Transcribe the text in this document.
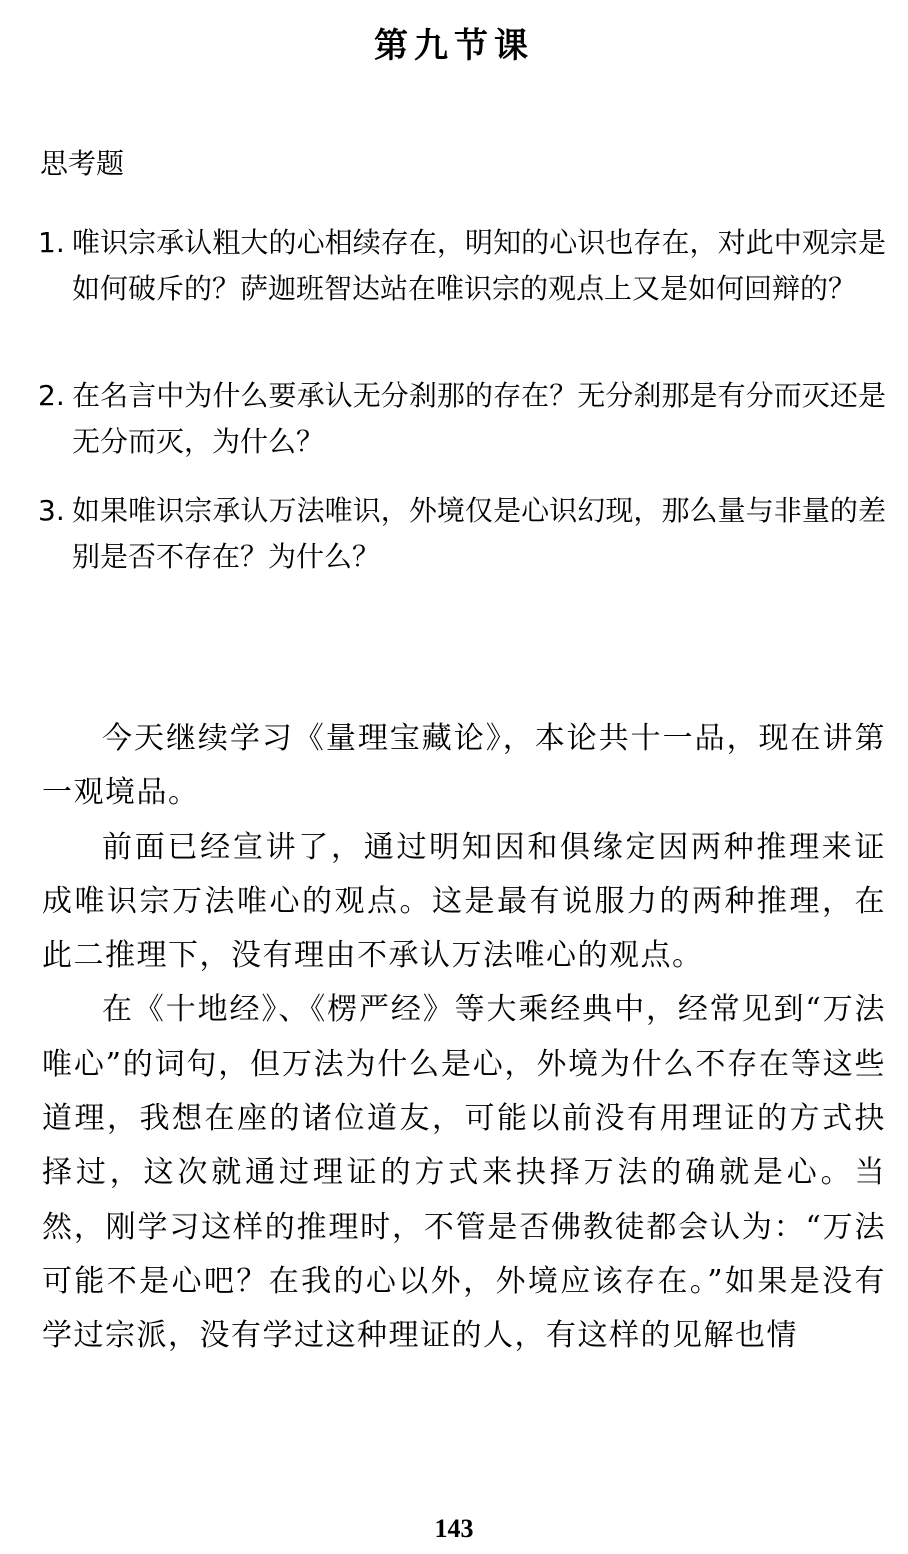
第九节课
思考题
1. 唯识宗承认粗大的心相续存在，明知的心识也存在，对此中观宗是如何破斥的？萨迦班智达站在唯识宗的观点上又是如何回辩的？
2. 在名言中为什么要承认无分刹那的存在？无分刹那是有分而灭还是无分而灭，为什么？
3. 如果唯识宗承认万法唯识，外境仅是心识幻现，那么量与非量的差别是否不存在？为什么？

今天继续学习《量理宝藏论》，本论共十一品，现在讲第一观境品。

前面已经宣讲了，通过明知因和俱缘定因两种推理来证成唯识宗万法唯心的观点。这是最有说服力的两种推理，在此二推理下，没有理由不承认万法唯心的观点。

在《十地经》、《楞严经》等大乘经典中，经常见到“万法唯心”的词句，但万法为什么是心，外境为什么不存在等这些道理，我想在座的诸位道友，可能以前没有用理证的方式抉择过，这次就通过理证的方式来抉择万法的确就是心。当然，刚学习这样的推理时，不管是否佛教徒都会认为：“万法可能不是心吧？在我的心以外，外境应该存在。”如果是没有学过宗派，没有学过这种理证的人，有这样的见解也情

143
